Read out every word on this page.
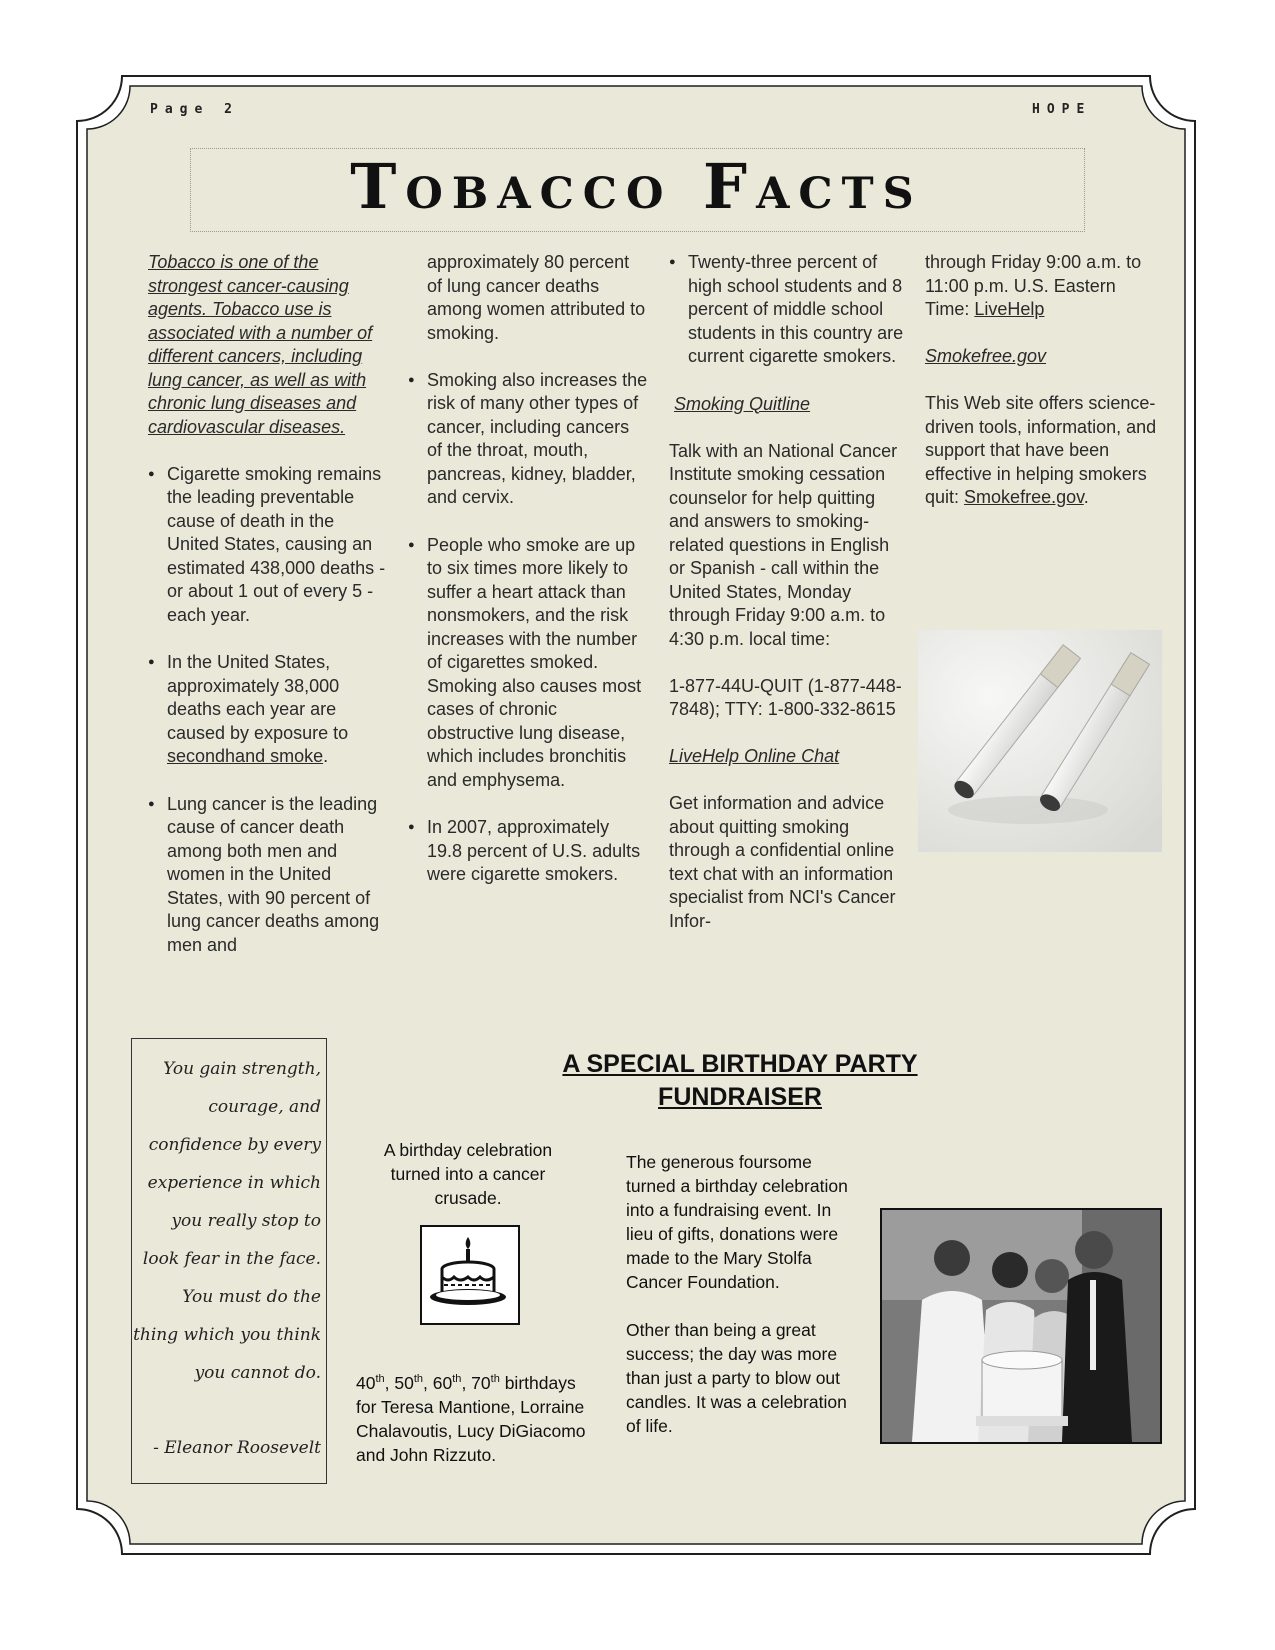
Page 2	HOPE
Tobacco Facts

Tobacco is one of the strongest cancer-causing agents. Tobacco use is associated with a number of different cancers, including lung cancer, as well as with chronic lung diseases and cardiovascular diseases.

● Cigarette smoking remains the leading preventable cause of death in the United States, causing an estimated 438,000 deaths - or about 1 out of every 5 - each year.
● In the United States, approximately 38,000 deaths each year are caused by exposure to secondhand smoke.
● Lung cancer is the leading cause of cancer death among both men and women in the United States, with 90 percent of lung cancer deaths among men and

approximately 80 percent of lung cancer deaths among women attributed to smoking.

● Smoking also increases the risk of many other types of cancer, including cancers of the throat, mouth, pancreas, kidney, bladder, and cervix.
● People who smoke are up to six times more likely to suffer a heart attack than nonsmokers, and the risk increases with the number of cigarettes smoked. Smoking also causes most cases of chronic obstructive lung disease, which includes bronchitis and emphysema.
● In 2007, approximately 19.8 percent of U.S. adults were cigarette smokers.
● Twenty-three percent of high school students and 8 percent of middle school students in this country are current cigarette smokers.

Smoking Quitline

Talk with an National Cancer Institute smoking cessation counselor for help quitting and answers to smoking-related questions in English or Spanish - call within the United States, Monday through Friday 9:00 a.m. to 4:30 p.m. local time:

1-877-44U-QUIT (1-877-448-7848); TTY: 1-800-332-8615

LiveHelp Online Chat

Get information and advice about quitting smoking through a confidential online text chat with an information specialist from NCI's Cancer Infor-

through Friday 9:00 a.m. to 11:00 p.m. U.S. Eastern Time: LiveHelp

Smokefree.gov

This Web site offers science-driven tools, information, and support that have been effective in helping smokers quit: Smokefree.gov.

You gain strength,
courage, and
confidence by every
experience in which
you really stop to
look fear in the face.
You must do the
thing which you think
you cannot do.
- Eleanor Roosevelt
A SPECIAL BIRTHDAY PARTY
FUNDRAISER
A birthday celebration turned into a cancer crusade.
40th, 50th, 60th, 70th birthdays for Teresa Mantione, Lorraine Chalavoutis, Lucy DiGiacomo and John Rizzuto.

The generous foursome turned a birthday celebration into a fundraising event. In lieu of gifts, donations were made to the Mary Stolfa Cancer Foundation.

Other than being a great success; the day was more than just a party to blow out candles. It was a celebration of life.
